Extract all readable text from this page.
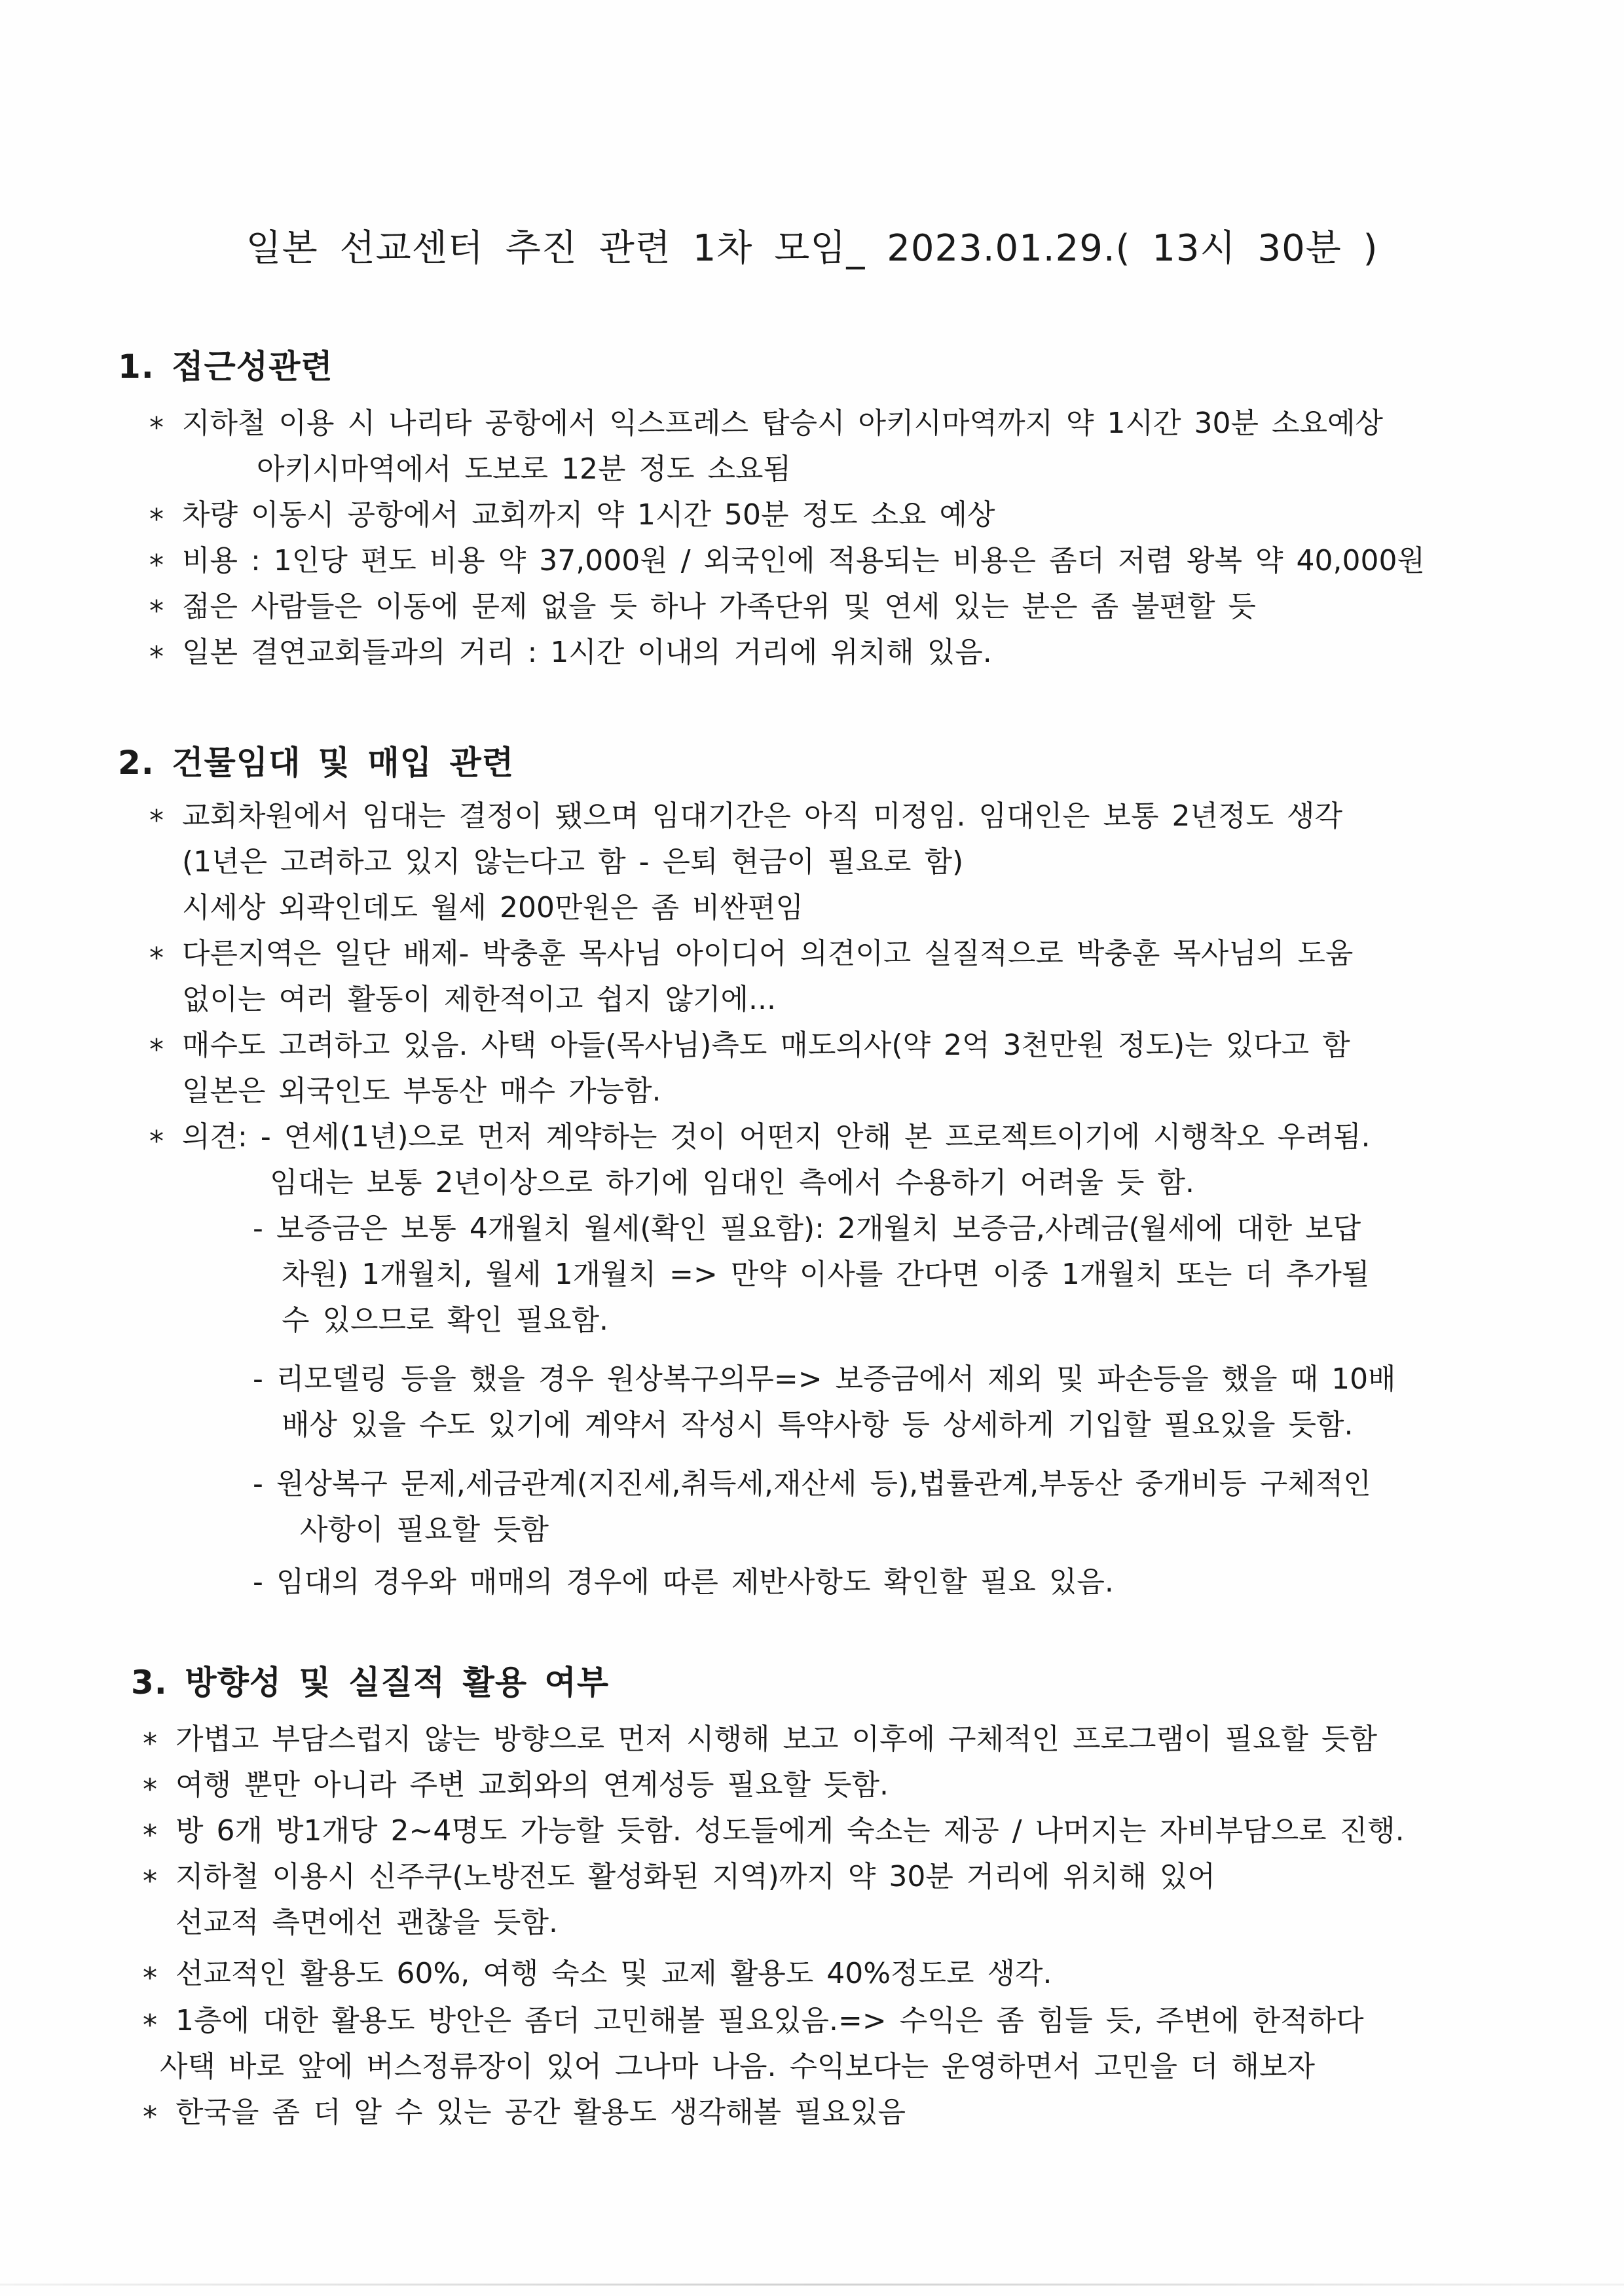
일본 선교센터 추진 관련 1차 모임_ 2023.01.29.( 13시 30분 )
1. 접근성관련
* 지하철 이용 시 나리타 공항에서 익스프레스 탑승시 아키시마역까지 약 1시간 30분 소요예상
아키시마역에서 도보로 12분 정도 소요됨
* 차량 이동시 공항에서 교회까지 약 1시간 50분 정도 소요 예상
* 비용 : 1인당 편도 비용 약 37,000원 / 외국인에 적용되는 비용은 좀더 저렴 왕복 약 40,000원
* 젊은 사람들은 이동에 문제 없을 듯 하나 가족단위 및 연세 있는 분은 좀 불편할 듯
* 일본 결연교회들과의 거리 : 1시간 이내의 거리에 위치해 있음.
2. 건물임대 및 매입 관련
* 교회차원에서 임대는 결정이 됐으며 임대기간은 아직 미정임. 임대인은 보통 2년정도 생각
(1년은 고려하고 있지 않는다고 함 - 은퇴 현금이 필요로 함)
시세상 외곽인데도 월세 200만원은 좀 비싼편임
* 다른지역은 일단 배제- 박충훈 목사님 아이디어 의견이고 실질적으로 박충훈 목사님의 도움
없이는 여러 활동이 제한적이고 쉽지 않기에...
* 매수도 고려하고 있음. 사택 아들(목사님)측도 매도의사(약 2억 3천만원 정도)는 있다고 함
일본은 외국인도 부동산 매수 가능함.
* 의견: - 연세(1년)으로 먼저 계약하는 것이 어떤지 안해 본 프로젝트이기에 시행착오 우려됨.
임대는 보통 2년이상으로 하기에 임대인 측에서 수용하기 어려울 듯 함.
- 보증금은 보통 4개월치 월세(확인 필요함): 2개월치 보증금,사례금(월세에 대한 보답
차원) 1개월치, 월세 1개월치 => 만약 이사를 간다면 이중 1개월치 또는 더 추가될
수 있으므로 확인 필요함.
- 리모델링 등을 했을 경우 원상복구의무=> 보증금에서 제외 및 파손등을 했을 때 10배
배상 있을 수도 있기에 계약서 작성시 특약사항 등 상세하게 기입할 필요있을 듯함.
- 원상복구 문제,세금관계(지진세,취득세,재산세 등),법률관계,부동산 중개비등 구체적인
사항이 필요할 듯함
- 임대의 경우와 매매의 경우에 따른 제반사항도 확인할 필요 있음.
3. 방향성 및 실질적 활용 여부
* 가볍고 부담스럽지 않는 방향으로 먼저 시행해 보고 이후에 구체적인 프로그램이 필요할 듯함
* 여행 뿐만 아니라 주변 교회와의 연계성등 필요할 듯함.
* 방 6개 방1개당 2~4명도 가능할 듯함. 성도들에게 숙소는 제공 / 나머지는 자비부담으로 진행.
* 지하철 이용시 신주쿠(노방전도 활성화된 지역)까지 약 30분 거리에 위치해 있어
선교적 측면에선 괜찮을 듯함.
* 선교적인 활용도 60%, 여행 숙소 및 교제 활용도 40%정도로 생각.
* 1층에 대한 활용도 방안은 좀더 고민해볼 필요있음.=> 수익은 좀 힘들 듯, 주변에 한적하다
사택 바로 앞에 버스정류장이 있어 그나마 나음. 수익보다는 운영하면서 고민을 더 해보자
* 한국을 좀 더 알 수 있는 공간 활용도 생각해볼 필요있음
